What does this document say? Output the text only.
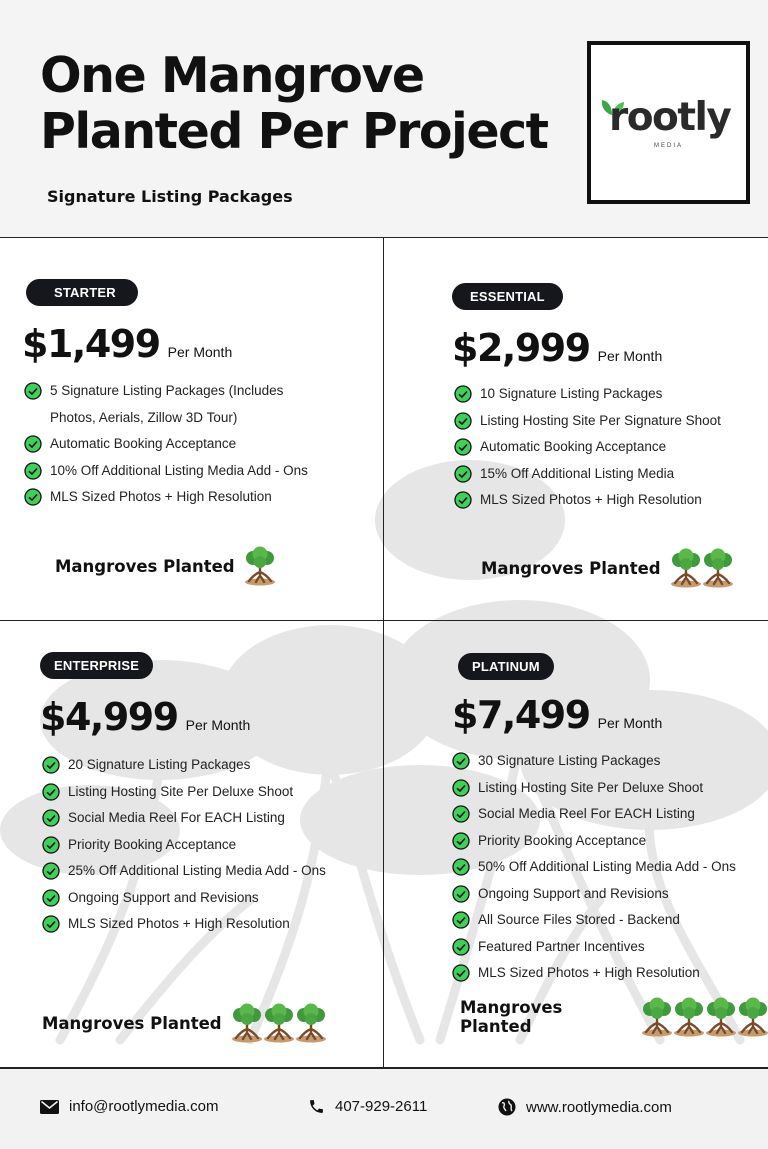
One Mangrove
Planted Per Project
Signature Listing Packages
rootly
MEDIA
STARTER
$1,499 Per Month
5 Signature Listing Packages (Includes Photos, Aerials, Zillow 3D Tour)
Automatic Booking Acceptance
10% Off Additional Listing Media Add - Ons
MLS Sized Photos + High Resolution
Mangroves Planted
ESSENTIAL
$2,999 Per Month
10 Signature Listing Packages
Listing Hosting Site Per Signature Shoot
Automatic Booking Acceptance
15% Off Additional Listing Media
MLS Sized Photos + High Resolution
Mangroves Planted
ENTERPRISE
$4,999 Per Month
20 Signature Listing Packages
Listing Hosting Site Per Deluxe Shoot
Social Media Reel For EACH Listing
Priority Booking Acceptance
25% Off Additional Listing Media Add - Ons
Ongoing Support and Revisions
MLS Sized Photos + High Resolution
Mangroves Planted
PLATINUM
$7,499 Per Month
30 Signature Listing Packages
Listing Hosting Site Per Deluxe Shoot
Social Media Reel For EACH Listing
Priority Booking Acceptance
50% Off Additional Listing Media Add - Ons
Ongoing Support and Revisions
All Source Files Stored - Backend
Featured Partner Incentives
MLS Sized Photos + High Resolution
Mangroves Planted
info@rootlymedia.com	407-929-2611	www.rootlymedia.com
